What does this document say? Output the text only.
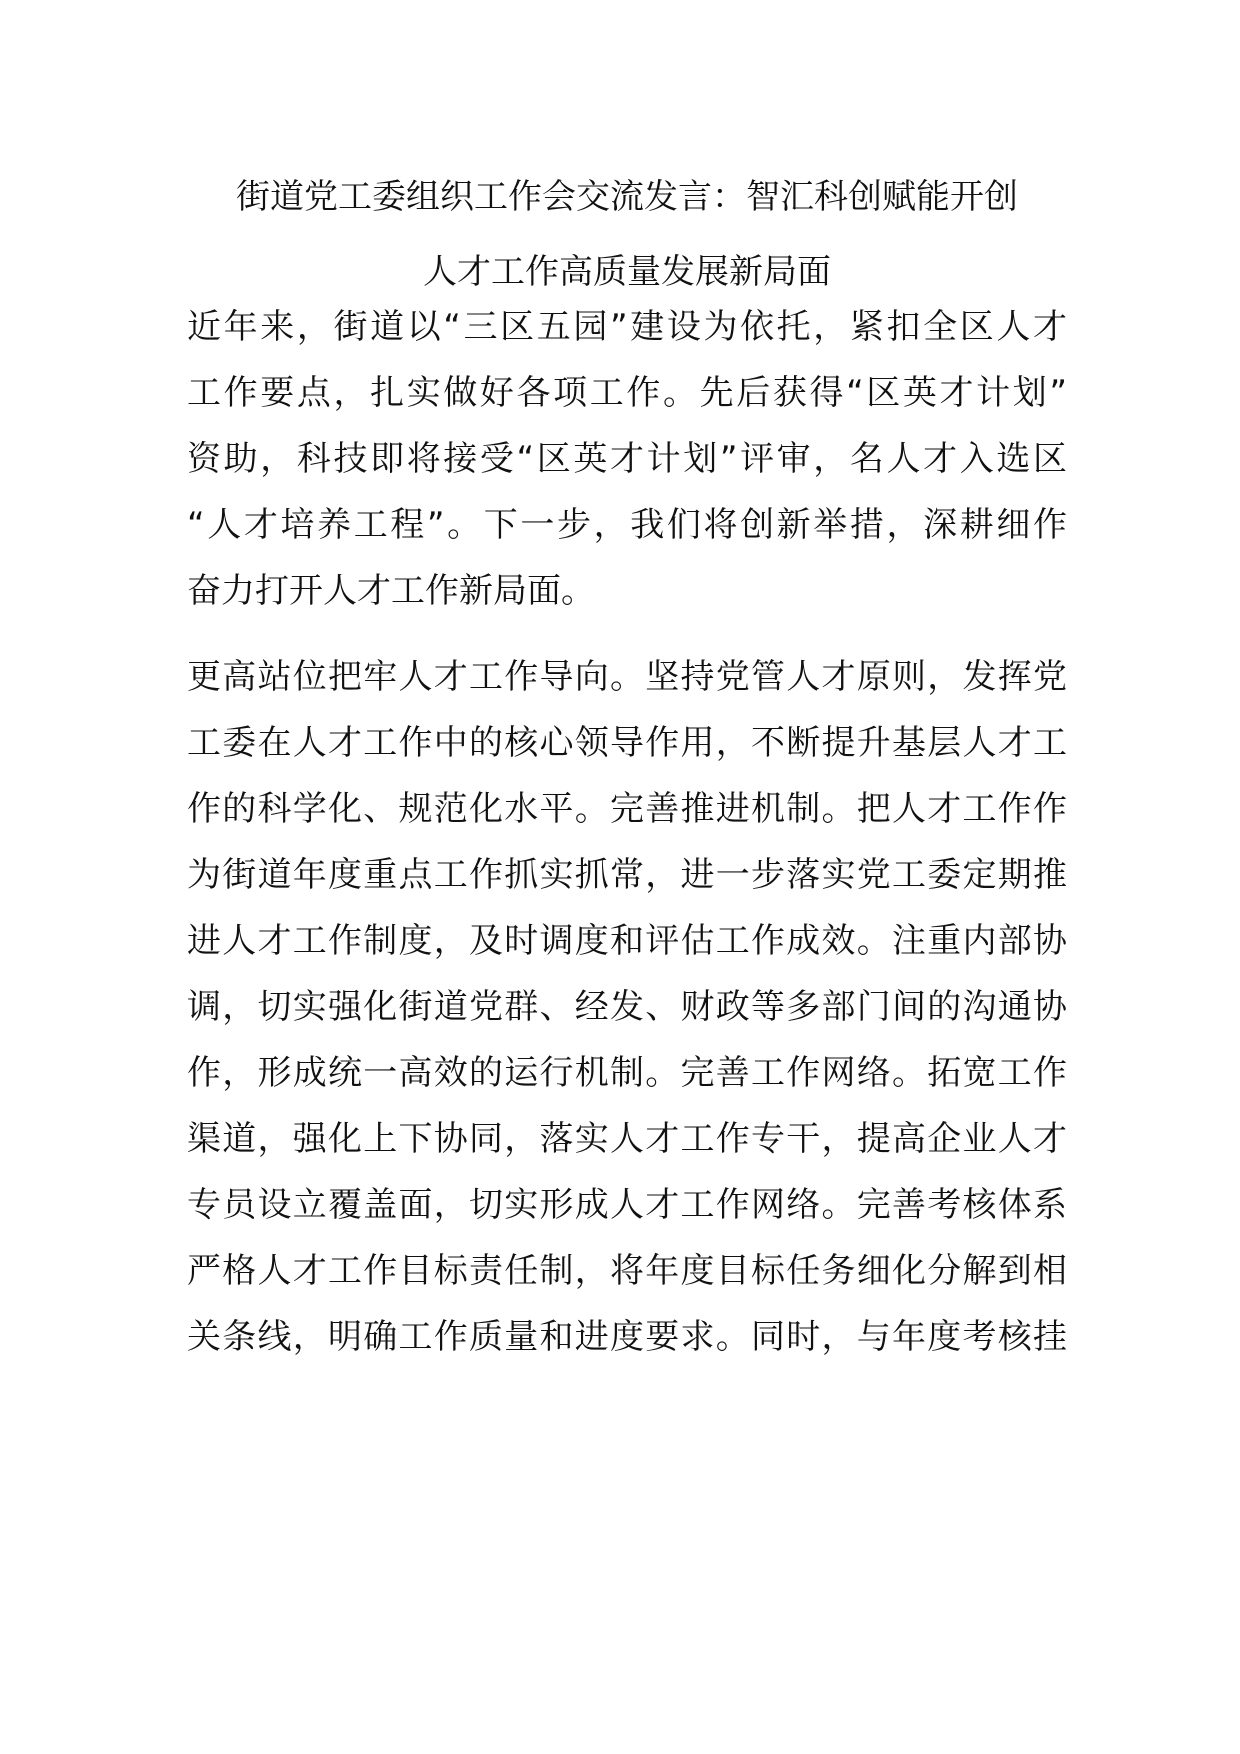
街道党工委组织工作会交流发言：智汇科创赋能开创
人才工作高质量发展新局面
近年来，街道以“三区五园”建设为依托，紧扣全区人才
工作要点，扎实做好各项工作。先后获得“区英才计划”
资助，科技即将接受“区英才计划”评审，名人才入选区
“人才培养工程”。下一步，我们将创新举措，深耕细作
奋力打开人才工作新局面。
更高站位把牢人才工作导向。坚持党管人才原则，发挥党
工委在人才工作中的核心领导作用，不断提升基层人才工
作的科学化、规范化水平。完善推进机制。把人才工作作
为街道年度重点工作抓实抓常，进一步落实党工委定期推
进人才工作制度，及时调度和评估工作成效。注重内部协
调，切实强化街道党群、经发、财政等多部门间的沟通协
作，形成统一高效的运行机制。完善工作网络。拓宽工作
渠道，强化上下协同，落实人才工作专干，提高企业人才
专员设立覆盖面，切实形成人才工作网络。完善考核体系
严格人才工作目标责任制，将年度目标任务细化分解到相
关条线，明确工作质量和进度要求。同时，与年度考核挂
